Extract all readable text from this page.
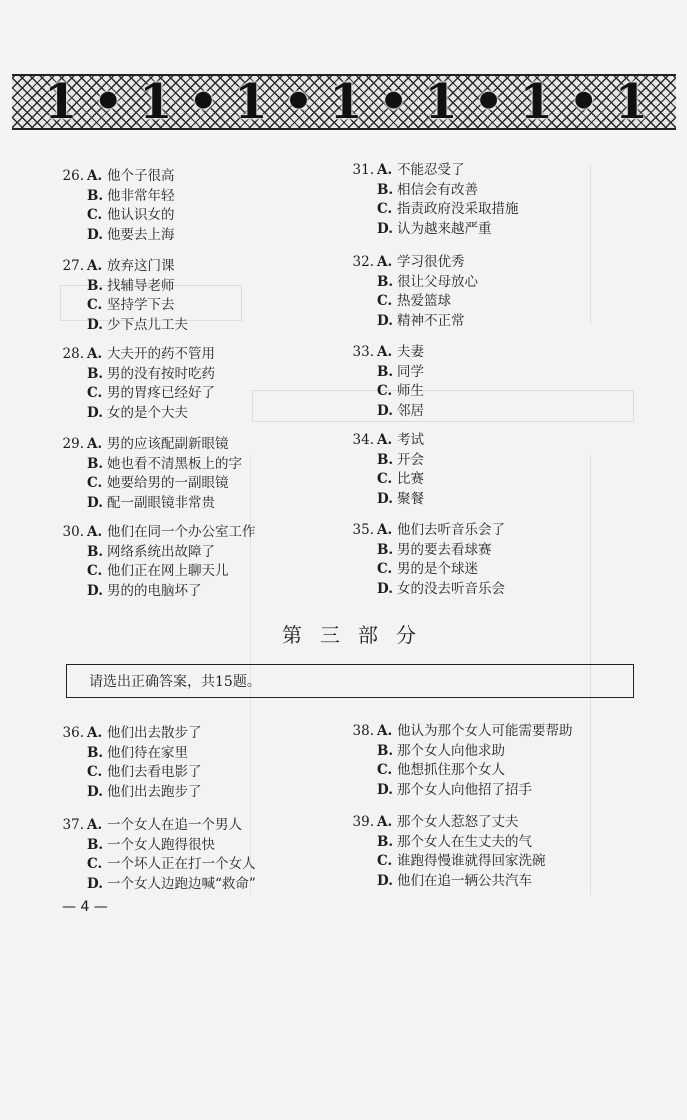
1 • 1 • 1 • 1 • 1 • 1 • 1
26. A. 他个子很高
B. 他非常年轻
C. 他认识女的
D. 他要去上海
27. A. 放弃这门课
B. 找辅导老师
C. 坚持学下去
D. 少下点儿工夫
28. A. 大夫开的药不管用
B. 男的没有按时吃药
C. 男的胃疼已经好了
D. 女的是个大夫
29. A. 男的应该配副新眼镜
B. 她也看不清黑板上的字
C. 她要给男的一副眼镜
D. 配一副眼镜非常贵
30. A. 他们在同一个办公室工作
B. 网络系统出故障了
C. 他们正在网上聊天儿
D. 男的的电脑坏了
31. A. 不能忍受了
B. 相信会有改善
C. 指责政府没采取措施
D. 认为越来越严重
32. A. 学习很优秀
B. 很让父母放心
C. 热爱篮球
D. 精神不正常
33. A. 夫妻
B. 同学
C. 师生
D. 邻居
34. A. 考试
B. 开会
C. 比赛
D. 聚餐
35. A. 他们去听音乐会了
B. 男的要去看球赛
C. 男的是个球迷
D. 女的没去听音乐会
36. A. 他们出去散步了
B. 他们待在家里
C. 他们去看电影了
D. 他们出去跑步了
37. A. 一个女人在追一个男人
B. 一个女人跑得很快
C. 一个坏人正在打一个女人
D. 一个女人边跑边喊“救命”
38. A. 他认为那个女人可能需要帮助
B. 那个女人向他求助
C. 他想抓住那个女人
D. 那个女人向他招了招手
39. A. 那个女人惹怒了丈夫
B. 那个女人在生丈夫的气
C. 谁跑得慢谁就得回家洗碗
D. 他们在追一辆公共汽车
第三部分
请选出正确答案，共15题。
— 4 —
